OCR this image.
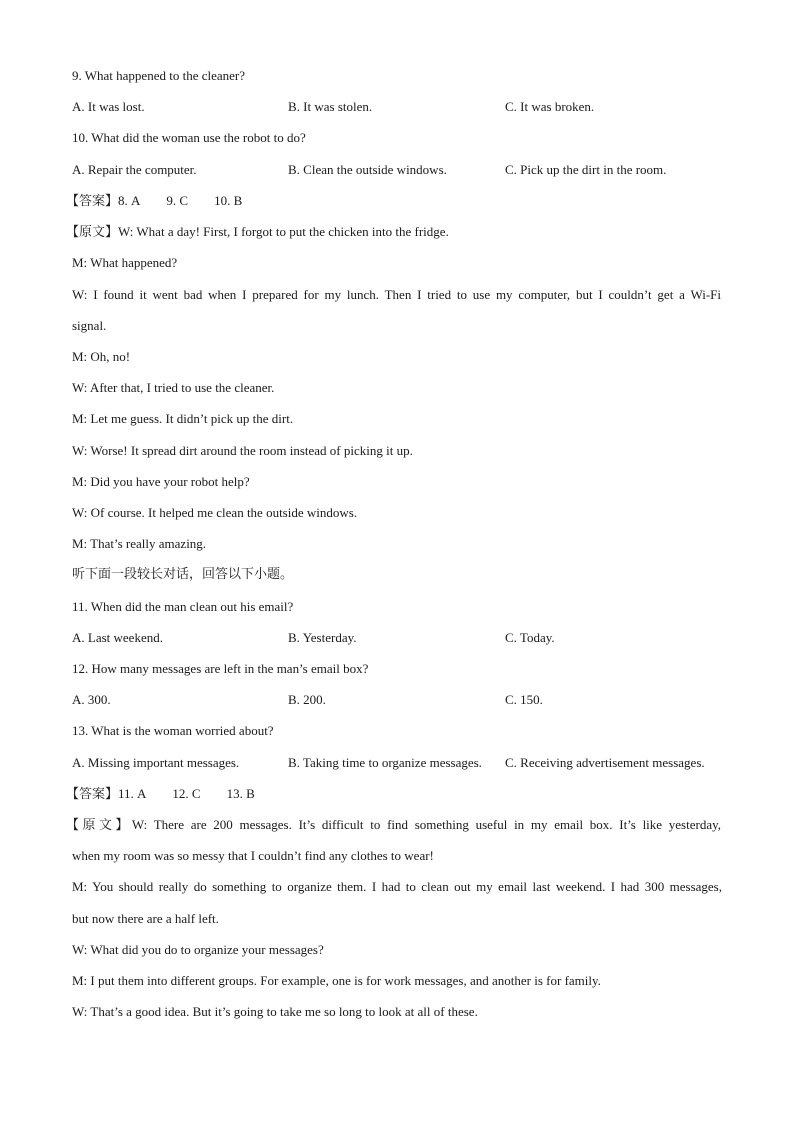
9. What happened to the cleaner?
A. It was lost.	B. It was stolen.	C. It was broken.
10. What did the woman use the robot to do?
A. Repair the computer.	B. Clean the outside windows.	C. Pick up the dirt in the room.
【答案】8. A 9. C 10. B
【原文】W: What a day! First, I forgot to put the chicken into the fridge.
M: What happened?
W: I found it went bad when I prepared for my lunch. Then I tried to use my computer, but I couldn’t get a Wi-Fi
signal.
M: Oh, no!
W: After that, I tried to use the cleaner.
M: Let me guess. It didn’t pick up the dirt.
W: Worse! It spread dirt around the room instead of picking it up.
M: Did you have your robot help?
W: Of course. It helped me clean the outside windows.
M: That’s really amazing.
听下面一段较长对话，回答以下小题。
11. When did the man clean out his email?
A. Last weekend.	B. Yesterday.	C. Today.
12. How many messages are left in the man’s email box?
A. 300.	B. 200.	C. 150.
13. What is the woman worried about?
A. Missing important messages.	B. Taking time to organize messages. C. Receiving advertisement messages.
【答案】11. A 12. C 13. B
【原文】W: There are 200 messages. It’s difficult to find something useful in my email box. It’s like yesterday,
when my room was so messy that I couldn’t find any clothes to wear!
M: You should really do something to organize them. I had to clean out my email last weekend. I had 300 messages,
but now there are a half left.
W: What did you do to organize your messages?
M: I put them into different groups. For example, one is for work messages, and another is for family.
W: That’s a good idea. But it’s going to take me so long to look at all of these.
